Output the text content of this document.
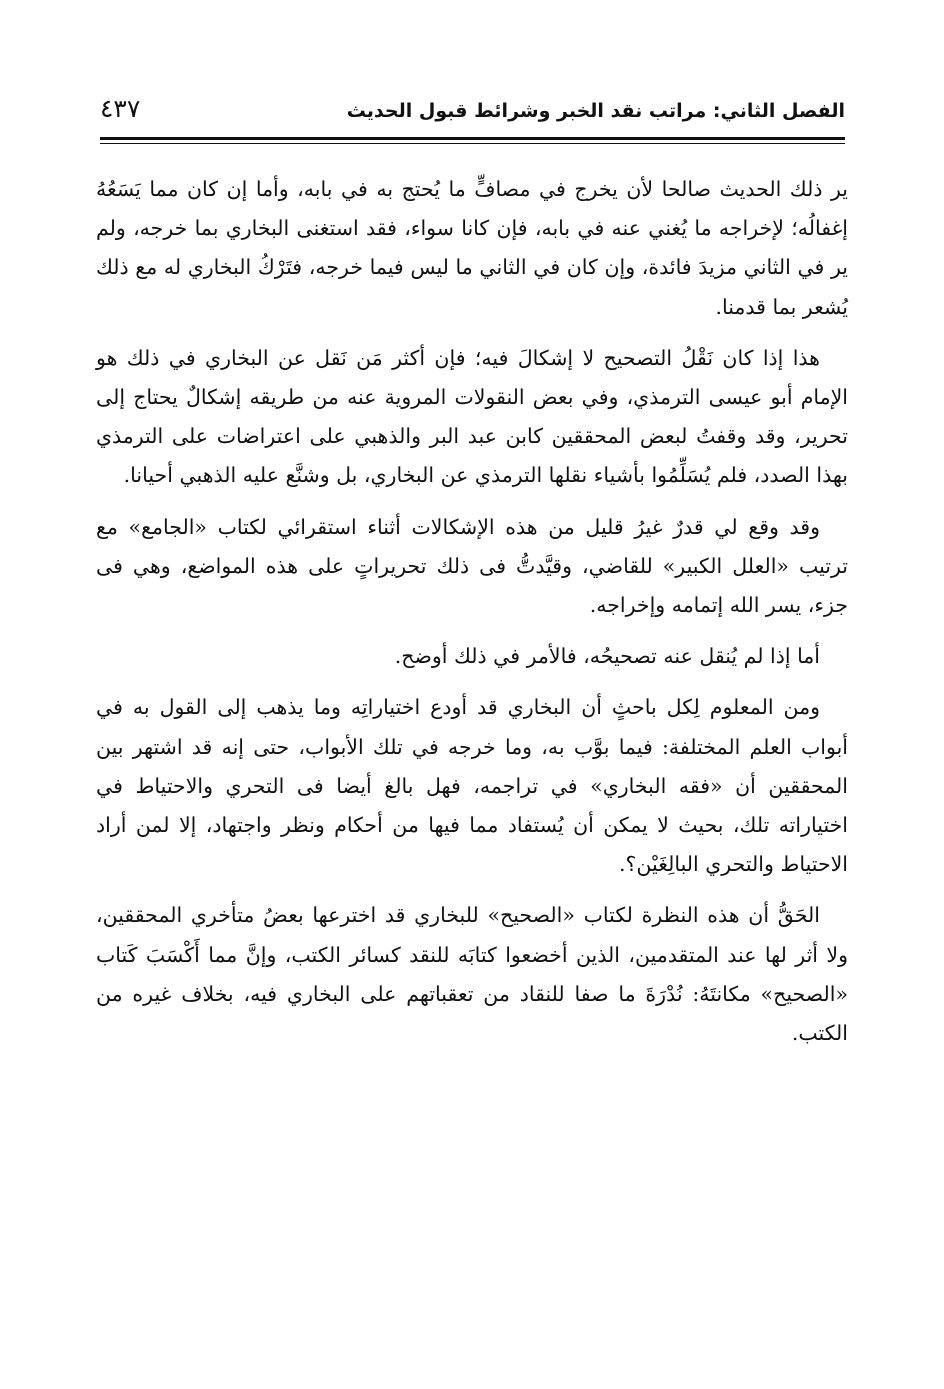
الفصل الثاني: مراتب نقد الخبر وشرائط قبول الحديث
٤٣٧

ير ذلك الحديث صالحا لأن يخرج في مصافٍّ ما يُحتج به في بابه، وأما إن كان مما يَسَعُهُ إغفالُه؛ لإخراجه ما يُغني عنه في بابه، فإن كانا سواء، فقد استغنى البخاري بما خرجه، ولم ير في الثاني مزيدَ فائدة، وإن كان في الثاني ما ليس فيما خرجه، فتَرْكُ البخاري له مع ذلك يُشعر بما قدمنا.

هذا إذا كان نَقْلُ التصحيح لا إشكالَ فيه؛ فإن أكثر مَن نَقل عن البخاري في ذلك هو الإمام أبو عيسى الترمذي، وفي بعض النقولات المروية عنه من طريقه إشكالٌ يحتاج إلى تحرير، وقد وقفتُ لبعض المحققين كابن عبد البر والذهبي على اعتراضات على الترمذي بهذا الصدد، فلم يُسَلِّمُوا بأشياء نقلها الترمذي عن البخاري، بل وشنَّع عليه الذهبي أحيانا.

وقد وقع لي قدرٌ غيرُ قليل من هذه الإشكالات أثناء استقرائي لكتاب «الجامع» مع ترتيب «العلل الكبير» للقاضي، وقيَّدتُّ فى ذلك تحريراتٍ على هذه المواضع، وهي فى جزء، يسر الله إتمامه وإخراجه.

أما إذا لم يُنقل عنه تصحيحُه، فالأمر في ذلك أوضح.

ومن المعلوم لِكل باحثٍ أن البخاري قد أودع اختياراتِه وما يذهب إلى القول به في أبواب العلم المختلفة: فيما بوَّب به، وما خرجه في تلك الأبواب، حتى إنه قد اشتهر بين المحققين أن «فقه البخاري» في تراجمه، فهل بالغ أيضا فى التحري والاحتياط في اختياراته تلك، بحيث لا يمكن أن يُستفاد مما فيها من أحكام ونظر واجتهاد، إلا لمن أراد الاحتياط والتحري البالِغَيْن؟.

الحَقُّ أن هذه النظرة لكتاب «الصحيح» للبخاري قد اخترعها بعضُ متأخري المحققين، ولا أثر لها عند المتقدمين، الذين أخضعوا كتابَه للنقد كسائر الكتب، وإنَّ مما أَكْسَبَ كَتاب «الصحيح» مكانتَهُ: نُدْرَةَ ما صفا للنقاد من تعقباتهم على البخاري فيه، بخلاف غيره من الكتب.
